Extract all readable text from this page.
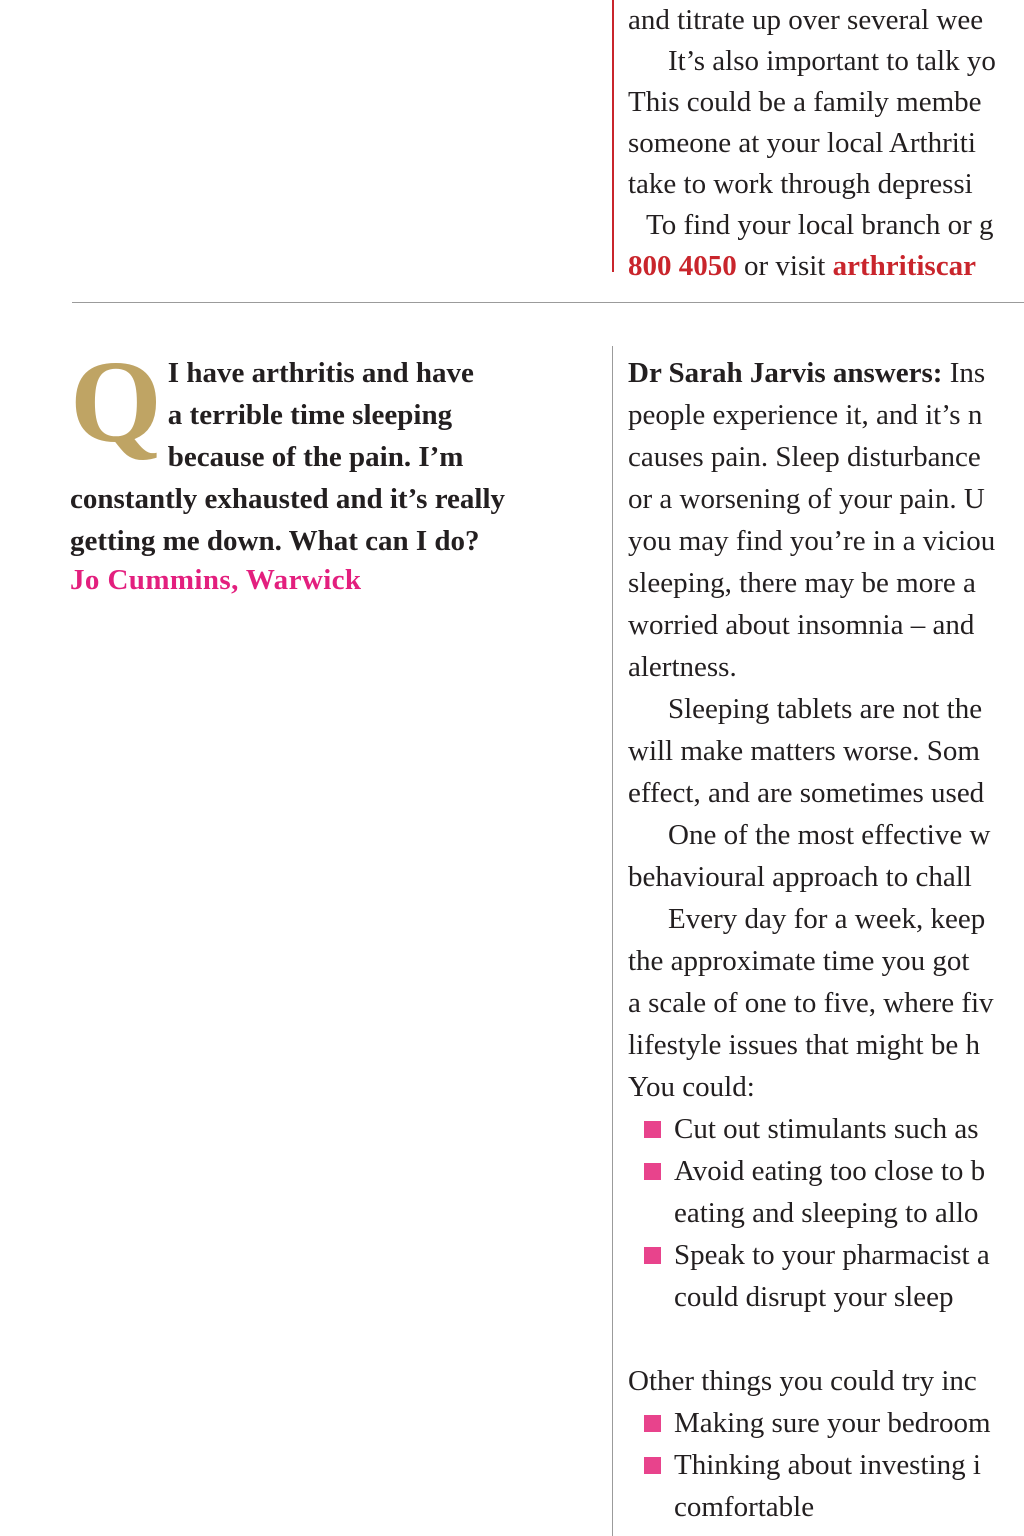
and titrate up over several wee

It’s also important to talk yo

This could be a family membe

someone at your local Arthriti

take to work through depressi

To find your local branch or g

800 4050 or visit arthritiscar

Q I have arthritis and have
a terrible time sleeping
because of the pain. I’m
constantly exhausted and it’s really
getting me down. What can I do?
Jo Cummins, Warwick

Dr Sarah Jarvis answers: Ins

people experience it, and it’s n

causes pain. Sleep disturbance

or a worsening of your pain. U

you may find you’re in a viciou

sleeping, there may be more a

worried about insomnia – and

alertness.

Sleeping tablets are not the

will make matters worse. Som

effect, and are sometimes used

One of the most effective w

behavioural approach to chall

Every day for a week, keep

the approximate time you got

a scale of one to five, where fiv

lifestyle issues that might be h

You could:

Cut out stimulants such as
Avoid eating too close to b
eating and sleeping to allo
Speak to your pharmacist a
could disrupt your sleep

Other things you could try inc

Making sure your bedroom
Thinking about investing i
comfortable
